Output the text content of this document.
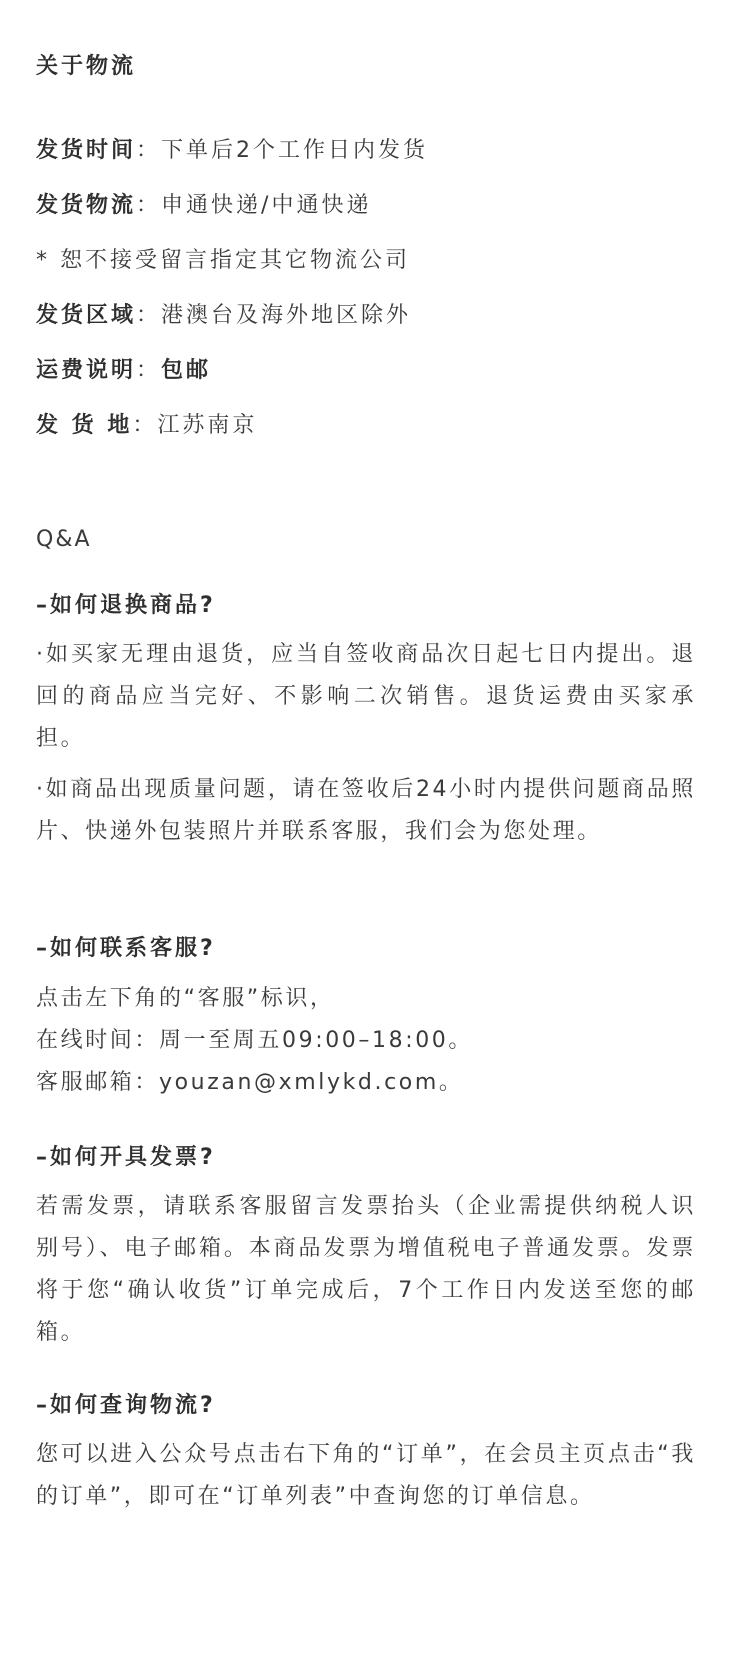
关于物流
发货时间：下单后2个工作日内发货
发货物流：申通快递/中通快递
* 恕不接受留言指定其它物流公司
发货区域：港澳台及海外地区除外
运费说明：包邮
发 货 地：江苏南京
Q&A
–如何退换商品?

·如买家无理由退货，应当自签收商品次日起七日内提出。退回的商品应当完好、不影响二次销售。退货运费由买家承担。

·如商品出现质量问题，请在签收后24小时内提供问题商品照片、快递外包装照片并联系客服，我们会为您处理。

–如何联系客服?
点击左下角的“客服”标识，
在线时间：周一至周五09:00–18:00。
客服邮箱：youzan@xmlykd.com。
–如何开具发票?

若需发票，请联系客服留言发票抬头（企业需提供纳税人识别号）、电子邮箱。本商品发票为增值税电子普通发票。发票将于您“确认收货”订单完成后，7个工作日内发送至您的邮箱。

–如何查询物流?

您可以进入公众号点击右下角的“订单”，在会员主页点击“我的订单”，即可在“订单列表”中查询您的订单信息。
